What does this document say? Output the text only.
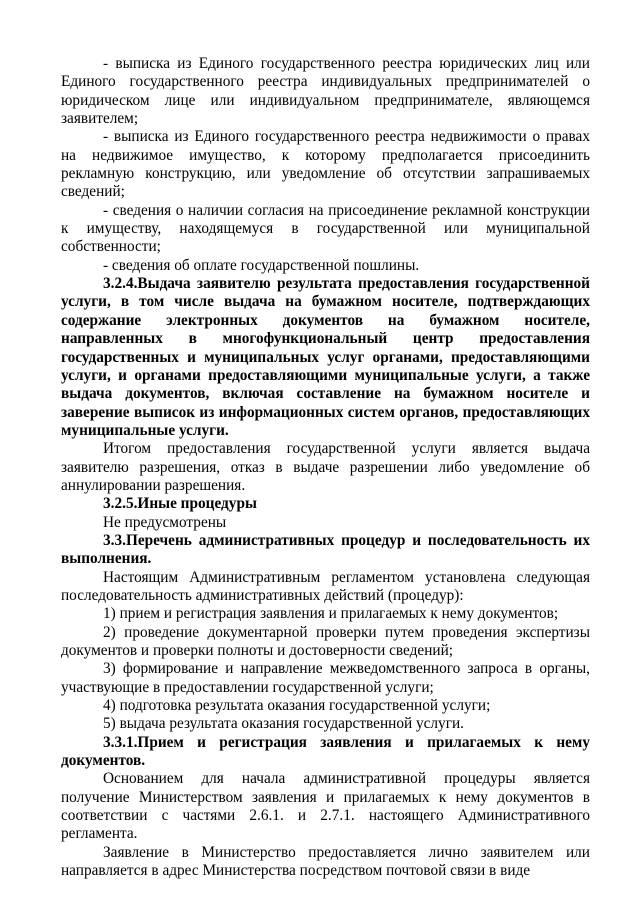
- выписка из Единого государственного реестра юридических лиц или Единого государственного реестра индивидуальных предпринимателей о юридическом лице или индивидуальном предпринимателе, являющемся заявителем;

- выписка из Единого государственного реестра недвижимости о правах на недвижимое имущество, к которому предполагается присоединить рекламную конструкцию, или уведомление об отсутствии запрашиваемых сведений;

- сведения о наличии согласия на присоединение рекламной конструкции к имуществу, находящемуся в государственной или муниципальной собственности;

- сведения об оплате государственной пошлины.

3.2.4.Выдача заявителю результата предоставления государственной услуги, в том числе выдача на бумажном носителе, подтверждающих содержание электронных документов на бумажном носителе, направленных в многофункциональный центр предоставления государственных и муниципальных услуг органами, предоставляющими услуги, и органами предоставляющими муниципальные услуги, а также выдача документов, включая составление на бумажном носителе и заверение выписок из информационных систем органов, предоставляющих муниципальные услуги.

Итогом предоставления государственной услуги является выдача заявителю разрешения, отказ в выдаче разрешении либо уведомление об аннулировании разрешения.

3.2.5.Иные процедуры

Не предусмотрены

3.3.Перечень административных процедур и последовательность их выполнения.

Настоящим Административным регламентом установлена следующая последовательность административных действий (процедур):

1) прием и регистрация заявления и прилагаемых к нему документов;

2) проведение документарной проверки путем проведения экспертизы документов и проверки полноты и достоверности сведений;

3) формирование и направление межведомственного запроса в органы, участвующие в предоставлении государственной услуги;

4) подготовка результата оказания государственной услуги;

5) выдача результата оказания государственной услуги.

3.3.1.Прием и регистрация заявления и прилагаемых к нему документов.

Основанием для начала административной процедуры является получение Министерством заявления и прилагаемых к нему документов в соответствии с частями 2.6.1. и 2.7.1. настоящего Административного регламента.

Заявление в Министерство предоставляется лично заявителем или направляется в адрес Министерства посредством почтовой связи в виде
